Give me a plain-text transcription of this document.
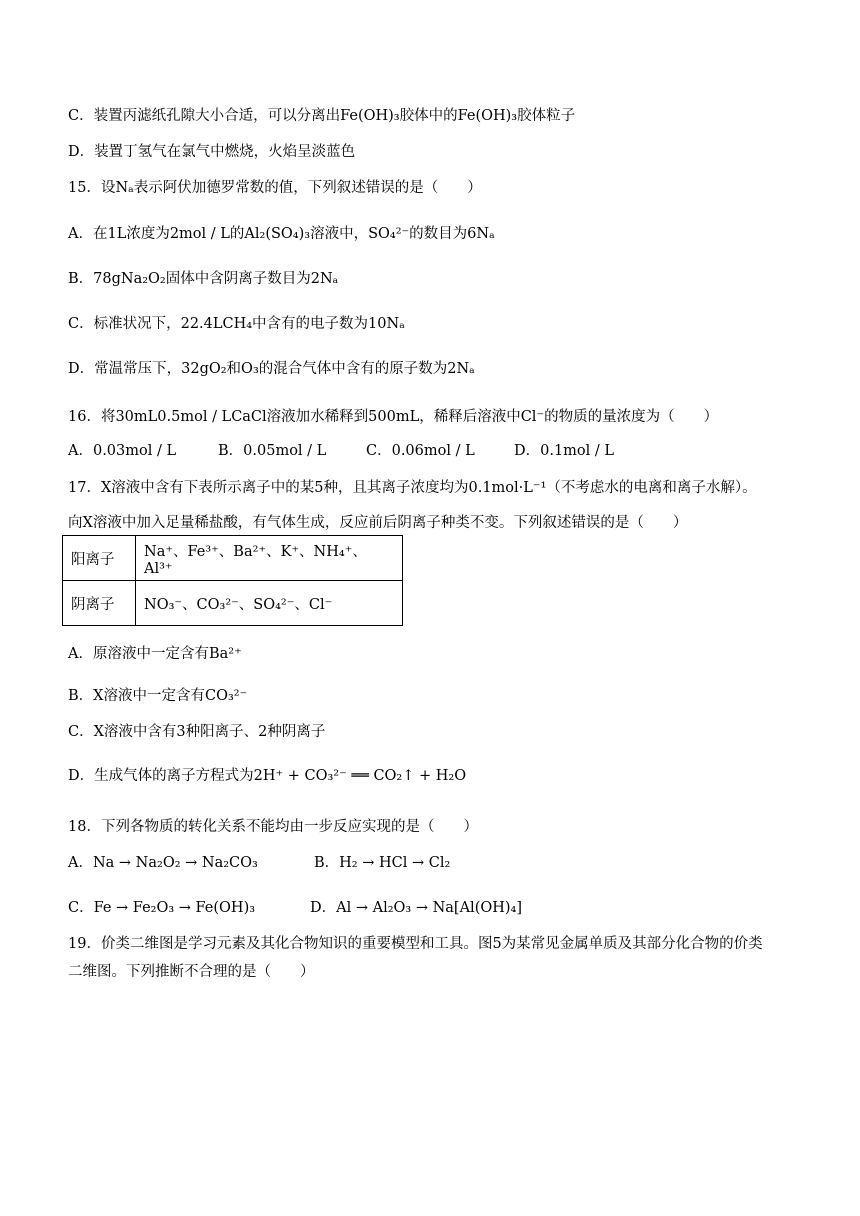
C．装置丙滤纸孔隙大小合适，可以分离出Fe(OH)₃胶体中的Fe(OH)₃胶体粒子
D．装置丁氢气在氯气中燃烧，火焰呈淡蓝色
15．设Nₐ表示阿伏加德罗常数的值，下列叙述错误的是（　　）
A．在1L浓度为2mol / L的Al₂(SO₄)₃溶液中，SO₄²⁻的数目为6Nₐ
B．78gNa₂O₂固体中含阴离子数目为2Nₐ
C．标准状况下，22.4LCH₄中含有的电子数为10Nₐ
D．常温常压下，32gO₂和O₃的混合气体中含有的原子数为2Nₐ
16．将30mL0.5mol / LCaCl溶液加水稀释到500mL，稀释后溶液中Cl⁻的物质的量浓度为（　　）
A．0.03mol / L	B．0.05mol / L	C．0.06mol / L	D．0.1mol / L
17．X溶液中含有下表所示离子中的某5种，且其离子浓度均为0.1mol·L⁻¹（不考虑水的电离和离子水解）。
向X溶液中加入足量稀盐酸，有气体生成，反应前后阴离子种类不变。下列叙述错误的是（　　）
阳离子	Na⁺、Fe³⁺、Ba²⁺、K⁺、NH₄⁺、Al³⁺
阴离子	NO₃⁻、CO₃²⁻、SO₄²⁻、Cl⁻
A．原溶液中一定含有Ba²⁺
B．X溶液中一定含有CO₃²⁻
C．X溶液中含有3种阳离子、2种阴离子
D．生成气体的离子方程式为2H⁺ + CO₃²⁻ ══ CO₂↑ + H₂O
18．下列各物质的转化关系不能均由一步反应实现的是（　　）
A．Na → Na₂O₂ → Na₂CO₃	B．H₂ → HCl → Cl₂
C．Fe → Fe₂O₃ → Fe(OH)₃	D．Al → Al₂O₃ → Na[Al(OH)₄]
19．价类二维图是学习元素及其化合物知识的重要模型和工具。图5为某常见金属单质及其部分化合物的价类
二维图。下列推断不合理的是（　　）
